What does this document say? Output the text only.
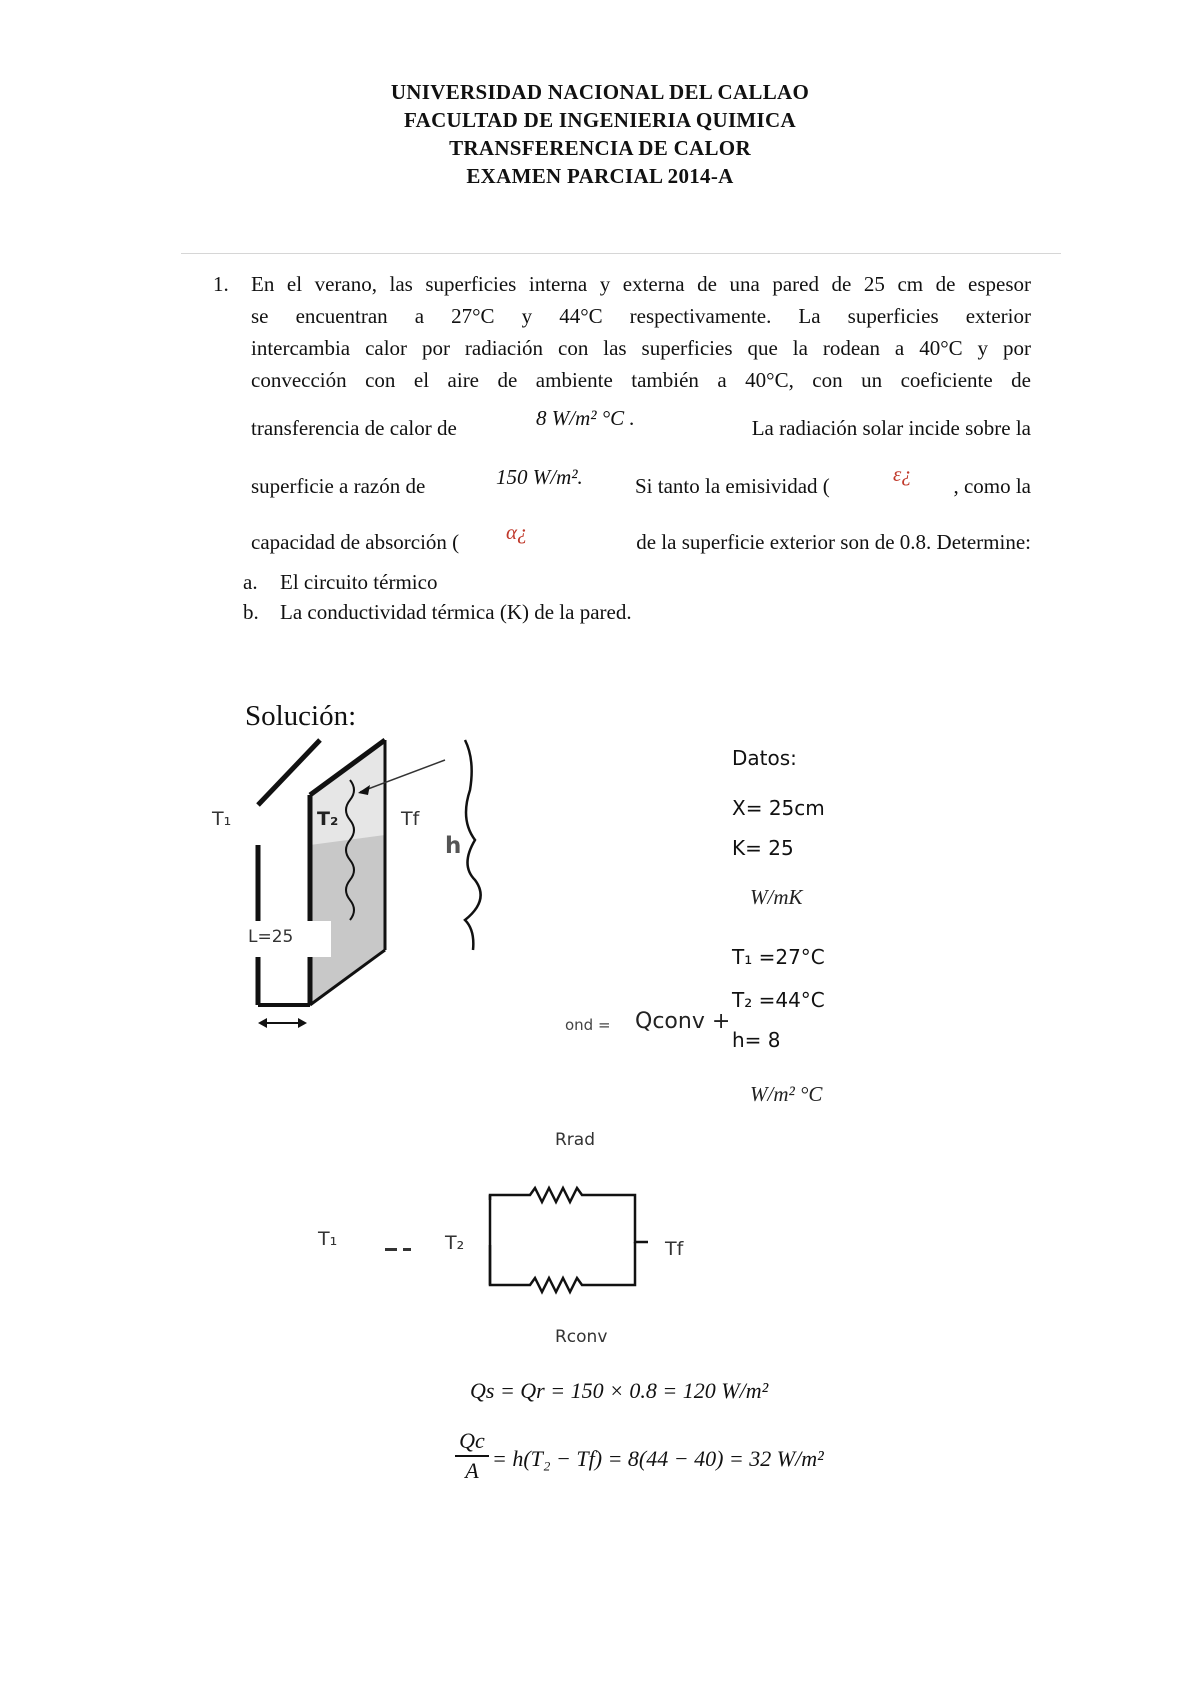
UNIVERSIDAD NACIONAL DEL CALLAO
FACULTAD DE INGENIERIA QUIMICA
TRANSFERENCIA DE CALOR
EXAMEN PARCIAL 2014-A
1. En el verano, las superficies interna y externa de una pared de 25 cm de espesor
se encuentran a 27°C y 44°C respectivamente. La superficies exterior
intercambia calor por radiación con las superficies que la rodean a 40°C y por
convección con el aire de ambiente también a 40°C, con un coeficiente de
transferencia de calor de	8 W/m² °C .	La radiación solar incide sobre la
superficie a razón de	150 W/m². Si tanto la emisividad (	ε¿ , como la
capacidad de absorción ( α¿	de la superficie exterior son de 0.8. Determine:
a. El circuito térmico
b. La conductividad térmica (K) de la pared.
Solución:
L=25
T₁	T₂	Tf
h
ond = Qconv +
Datos:
X= 25cm
K= 25
W/mK
T₁ =27°C
T₂ =44°C
h= 8
W/m² °C
Rrad
Rconv
T₁	T₂	Tf
Qs = Qr = 150 × 0.8 = 120 W/m²
Qc
A = h(T₂ − Tf) = 8(44 − 40) = 32 W/m²
